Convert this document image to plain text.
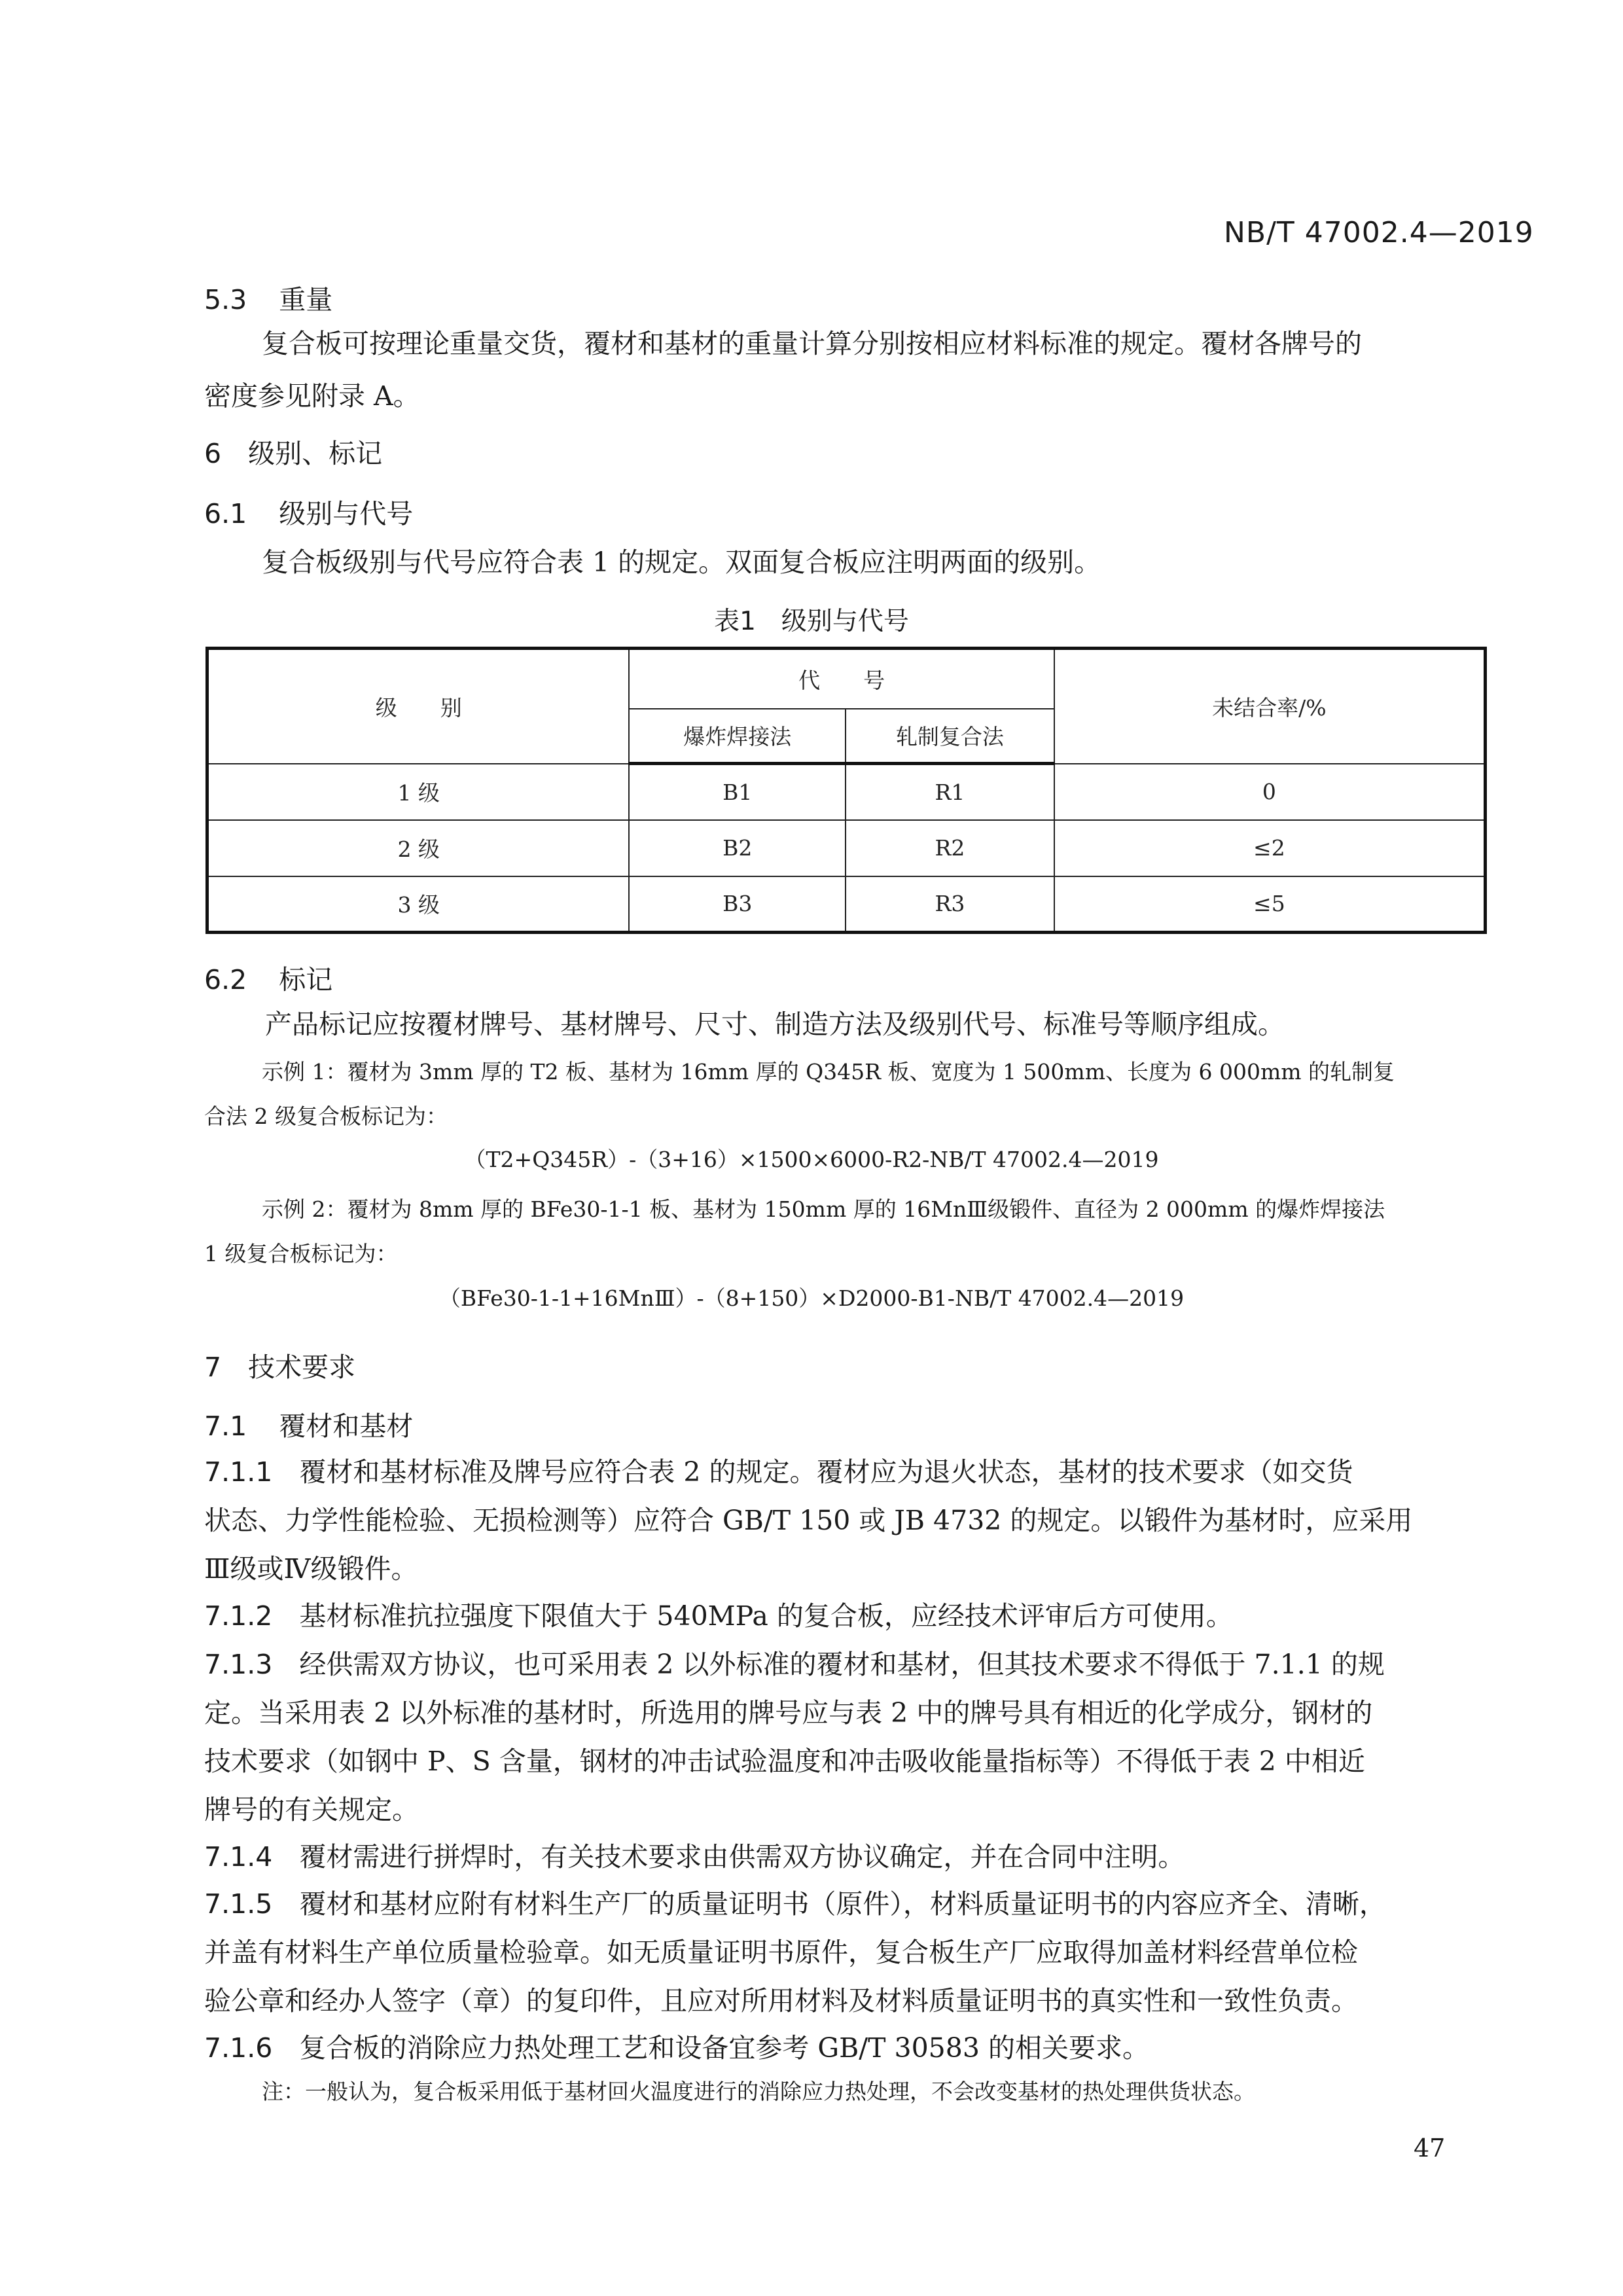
NB/T 47002.4—2019
5.3 重量
复合板可按理论重量交货，覆材和基材的重量计算分别按相应材料标准的规定。覆材各牌号的
密度参见附录 A。
6 级别、标记
6.1 级别与代号
复合板级别与代号应符合表 1 的规定。双面复合板应注明两面的级别。
表1　级别与代号
级　　别	代　　号		未结合率/%
	爆炸焊接法	轧制复合法	
1 级	B1	R1	0
2 级	B2	R2	≤2
3 级	B3	R3	≤5
6.2 标记
产品标记应按覆材牌号、基材牌号、尺寸、制造方法及级别代号、标准号等顺序组成。
示例 1：覆材为 3mm 厚的 T2 板、基材为 16mm 厚的 Q345R 板、宽度为 1 500mm、长度为 6 000mm 的轧制复
合法 2 级复合板标记为：
（T2+Q345R）-（3+16）×1500×6000-R2-NB/T 47002.4—2019
示例 2：覆材为 8mm 厚的 BFe30-1-1 板、基材为 150mm 厚的 16MnⅢ级锻件、直径为 2 000mm 的爆炸焊接法
1 级复合板标记为：
（BFe30-1-1+16MnⅢ）-（8+150）×D2000-B1-NB/T 47002.4—2019
7 技术要求
7.1 覆材和基材
7.1.1 覆材和基材标准及牌号应符合表 2 的规定。覆材应为退火状态，基材的技术要求（如交货
状态、力学性能检验、无损检测等）应符合 GB/T 150 或 JB 4732 的规定。以锻件为基材时，应采用
Ⅲ级或Ⅳ级锻件。
7.1.2 基材标准抗拉强度下限值大于 540MPa 的复合板，应经技术评审后方可使用。
7.1.3 经供需双方协议，也可采用表 2 以外标准的覆材和基材，但其技术要求不得低于 7.1.1 的规
定。当采用表 2 以外标准的基材时，所选用的牌号应与表 2 中的牌号具有相近的化学成分，钢材的
技术要求（如钢中 P、S 含量，钢材的冲击试验温度和冲击吸收能量指标等）不得低于表 2 中相近
牌号的有关规定。
7.1.4 覆材需进行拼焊时，有关技术要求由供需双方协议确定，并在合同中注明。
7.1.5 覆材和基材应附有材料生产厂的质量证明书（原件），材料质量证明书的内容应齐全、清晰，
并盖有材料生产单位质量检验章。如无质量证明书原件，复合板生产厂应取得加盖材料经营单位检
验公章和经办人签字（章）的复印件，且应对所用材料及材料质量证明书的真实性和一致性负责。
7.1.6 复合板的消除应力热处理工艺和设备宜参考 GB/T 30583 的相关要求。
注：一般认为，复合板采用低于基材回火温度进行的消除应力热处理，不会改变基材的热处理供货状态。
47
